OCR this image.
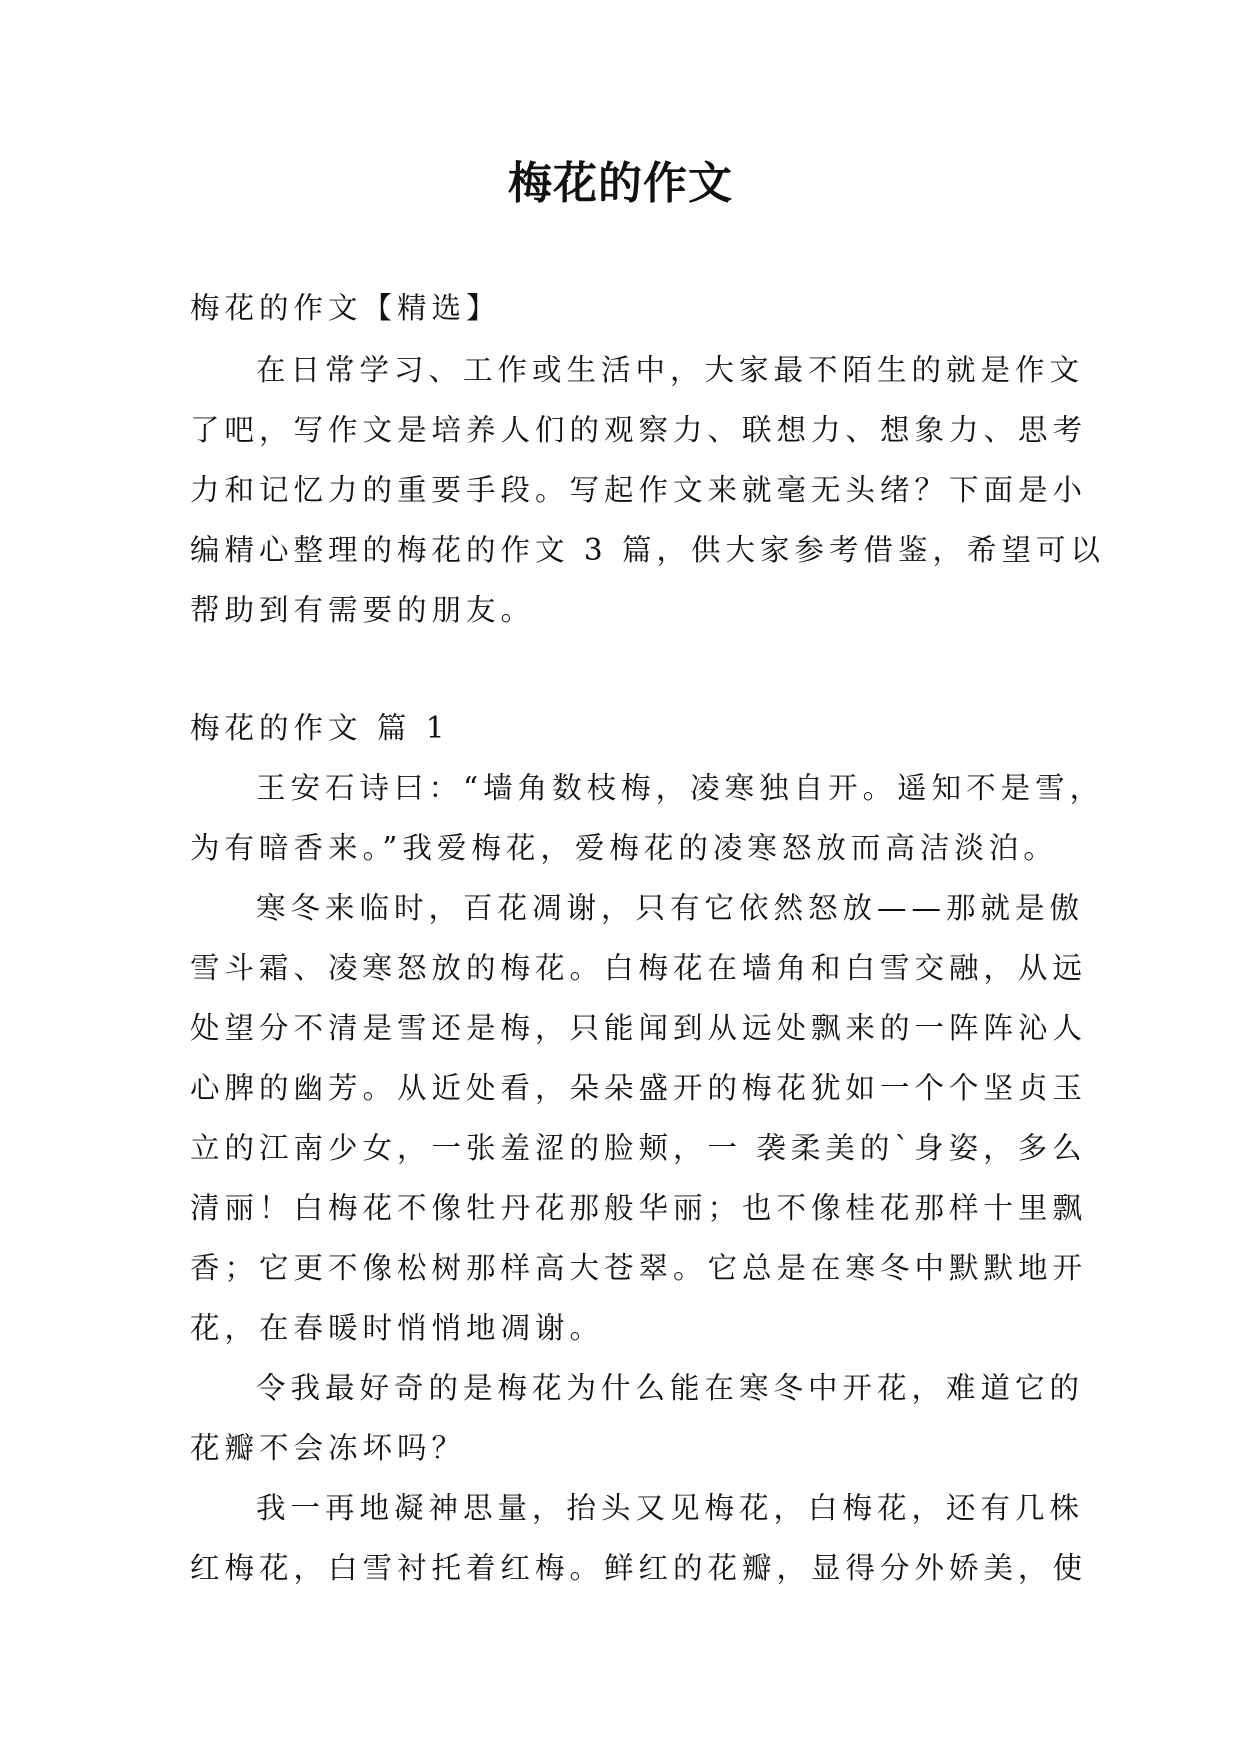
梅花的作文
梅花的作文【精选】
在日常学习、工作或生活中，大家最不陌生的就是作文
了吧，写作文是培养人们的观察力、联想力、想象力、思考
力和记忆力的重要手段。写起作文来就毫无头绪？下面是小
编精心整理的梅花的作文 3 篇，供大家参考借鉴，希望可以
帮助到有需要的朋友。
梅花的作文 篇 1
王安石诗曰：“墙角数枝梅，凌寒独自开。遥知不是雪，
为有暗香来。”我爱梅花，爱梅花的凌寒怒放而高洁淡泊。
寒冬来临时，百花凋谢，只有它依然怒放——那就是傲
雪斗霜、凌寒怒放的梅花。白梅花在墙角和白雪交融，从远
处望分不清是雪还是梅，只能闻到从远处飘来的一阵阵沁人
心脾的幽芳。从近处看，朵朵盛开的梅花犹如一个个坚贞玉
立的江南少女，一张羞涩的脸颊，一 袭柔美的`身姿，多么
清丽！白梅花不像牡丹花那般华丽；也不像桂花那样十里飘
香；它更不像松树那样高大苍翠。它总是在寒冬中默默地开
花，在春暖时悄悄地凋谢。
令我最好奇的是梅花为什么能在寒冬中开花，难道它的
花瓣不会冻坏吗？
我一再地凝神思量，抬头又见梅花，白梅花，还有几株
红梅花，白雪衬托着红梅。鲜红的花瓣，显得分外娇美，使
